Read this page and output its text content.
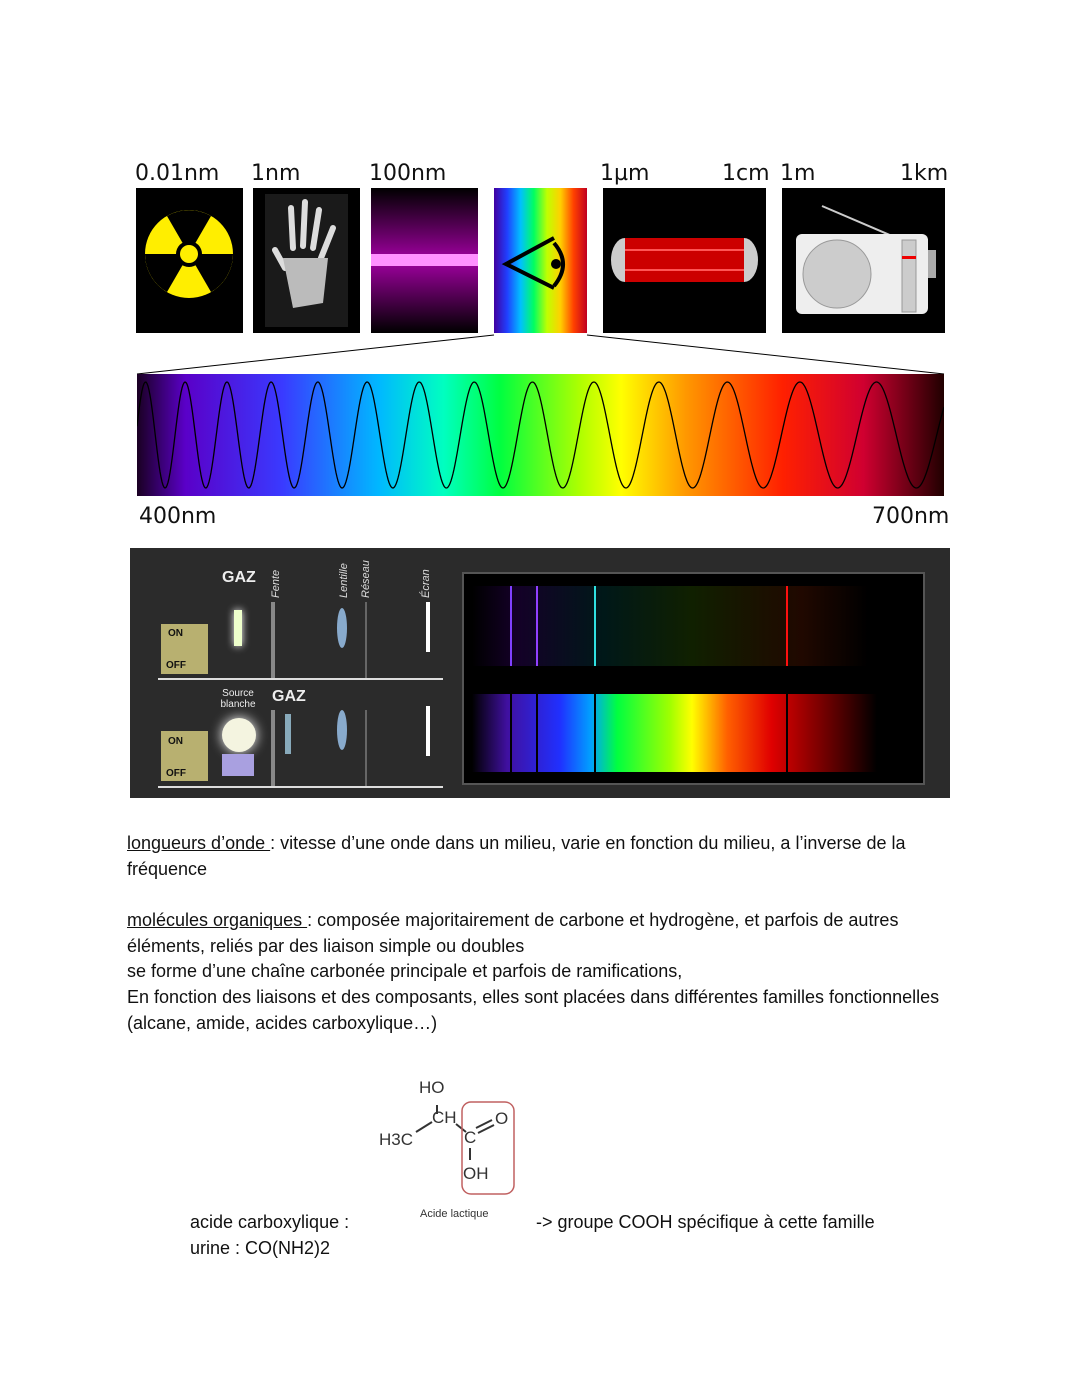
0.01nm 1nm	100nm	1µm	1cm 1m	1km
400nm	700nm
ON
OFF
ON
OFF
GAZ
GAZ
Source blanche
Fente	Lentille Réseau	Écran
longueurs d’onde : vitesse d’une onde dans un milieu, varie en fonction du milieu, a l’inverse de la fréquence
molécules organiques : composée majoritairement de carbone et hydrogène, et parfois de autres éléments, reliés par des liaison simple ou doubles
se forme d’une chaîne carbonée principale et parfois de ramifications,
En fonction des liaisons et des composants, elles sont placées dans différentes familles fonctionnelles (alcane, amide, acides carboxylique…)
HO
CH
H3C	C
O
OH
Acide lactique
acide carboxylique :
urine : CO(NH2)2
-> groupe COOH spécifique à cette famille
